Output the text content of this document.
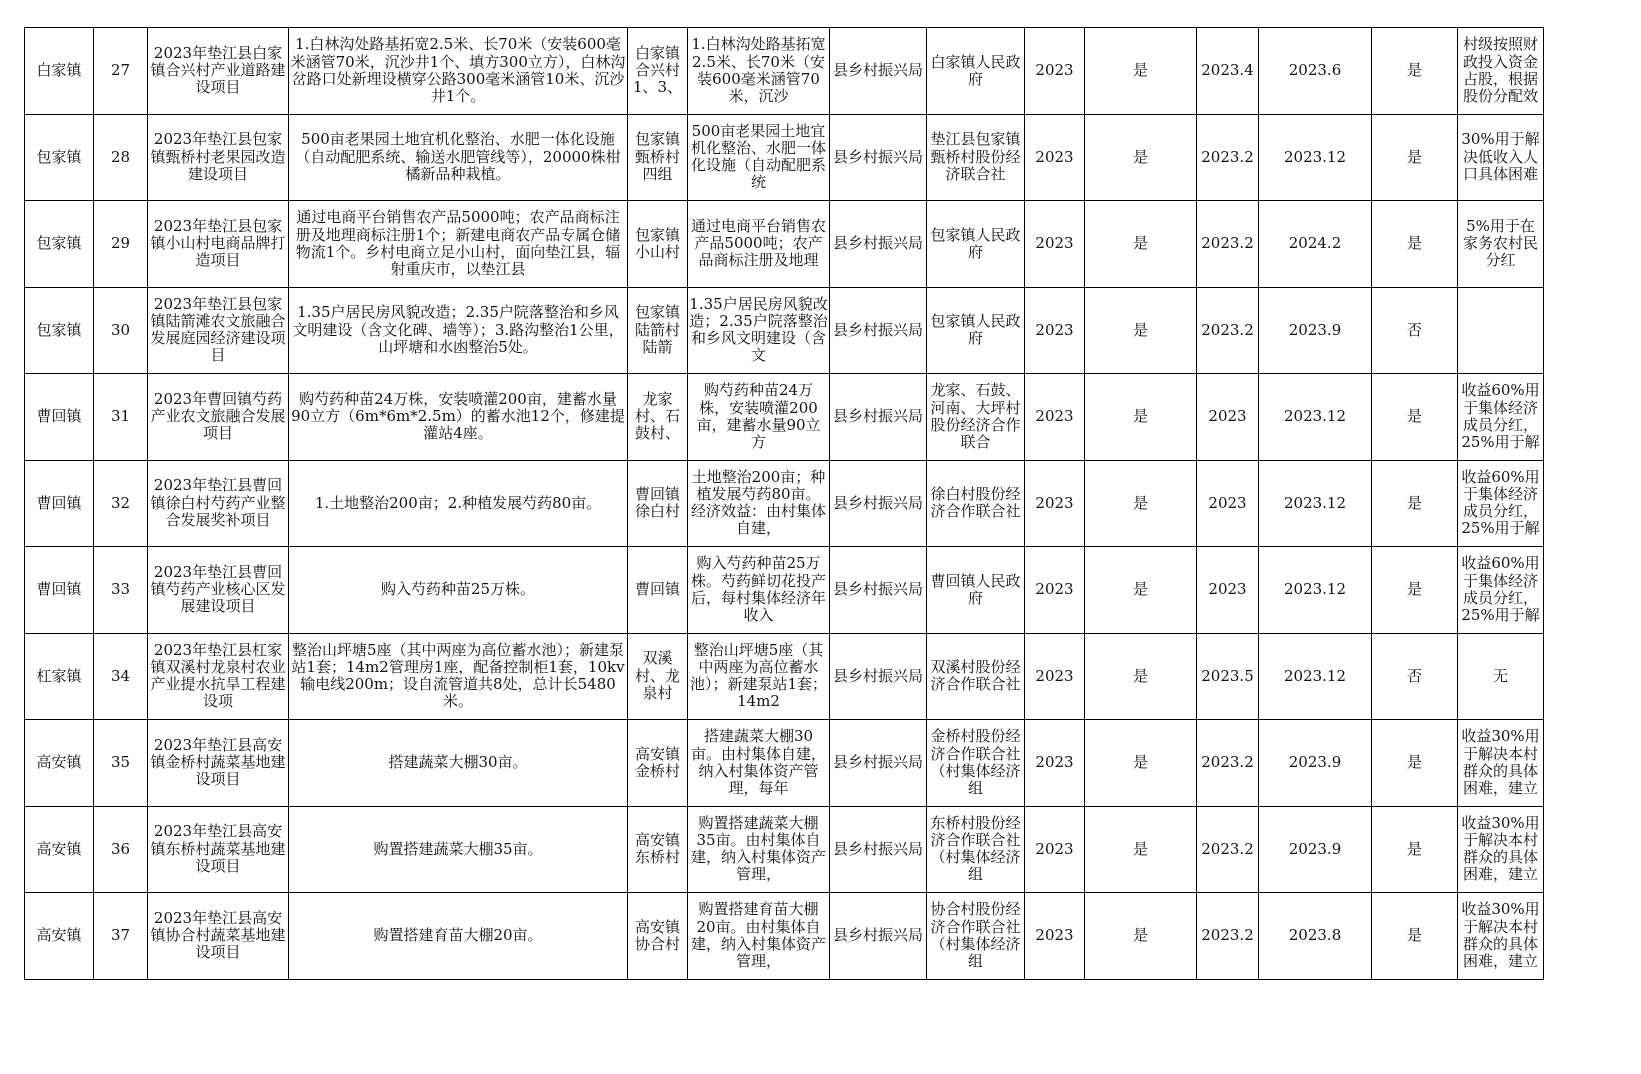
白家镇	27	2023年垫江县白家镇合兴村产业道路建设项目	1.白林沟处路基拓宽2.5米、长70米（安装600毫米涵管70米，沉沙井1个、填方300立方），白林沟岔路口处新埋设横穿公路300毫米涵管10米、沉沙井1个。	白家镇合兴村1、3、	1.白林沟处路基拓宽2.5米、长70米（安装600毫米涵管70米，沉沙	县乡村振兴局	白家镇人民政府	2023	是	2023.4	2023.6	是	村级按照财政投入资金占股，根据股份分配效

包家镇	28	2023年垫江县包家镇甄桥村老果园改造建设项目	500亩老果园土地宜机化整治、水肥一体化设施（自动配肥系统、输送水肥管线等），20000株柑橘新品种栽植。	包家镇甄桥村四组	500亩老果园土地宜机化整治、水肥一体化设施（自动配肥系统	县乡村振兴局	垫江县包家镇甄桥村股份经济联合社	2023	是	2023.2	2023.12	是	30%用于解决低收入人口具体困难

包家镇	29	2023年垫江县包家镇小山村电商品牌打造项目	通过电商平台销售农产品5000吨；农产品商标注册及地理商标注册1个；新建电商农产品专属仓储物流1个。乡村电商立足小山村，面向垫江县，辐射重庆市，以垫江县	包家镇小山村	通过电商平台销售农产品5000吨；农产品商标注册及地理	县乡村振兴局	包家镇人民政府	2023	是	2023.2	2024.2	是	5%用于在家务农村民分红

包家镇	30	2023年垫江县包家镇陆箭滩农文旅融合发展庭园经济建设项目	1.35户居民房风貌改造；2.35户院落整治和乡风文明建设（含文化碑、墙等）；3.路沟整治1公里，山坪塘和水凼整治5处。	包家镇陆箭村陆箭	1.35户居民房风貌改造；2.35户院落整治和乡风文明建设（含文	县乡村振兴局	包家镇人民政府	2023	是	2023.2	2023.9	否	

曹回镇	31	2023年曹回镇芍药产业农文旅融合发展项目	购芍药种苗24万株，安装喷灌200亩，建蓄水量90立方（6m*6m*2.5m）的蓄水池12个，修建提灌站4座。	龙家村、石鼓村、	购芍药种苗24万株，安装喷灌200亩，建蓄水量90立方	县乡村振兴局	龙家、石鼓、河南、大坪村股份经济合作联合	2023	是	2023	2023.12	是	收益60%用于集体经济成员分红，25%用于解

曹回镇	32	2023年垫江县曹回镇徐白村芍药产业整合发展奖补项目	1.土地整治200亩；2.种植发展芍药80亩。	曹回镇徐白村	土地整治200亩；种植发展芍药80亩。经济效益：由村集体自建，	县乡村振兴局	徐白村股份经济合作联合社	2023	是	2023	2023.12	是	收益60%用于集体经济成员分红，25%用于解

曹回镇	33	2023年垫江县曹回镇芍药产业核心区发展建设项目	购入芍药种苗25万株。	曹回镇	购入芍药种苗25万株。芍药鲜切花投产后，每村集体经济年收入	县乡村振兴局	曹回镇人民政府	2023	是	2023	2023.12	是	收益60%用于集体经济成员分红，25%用于解

杠家镇	34	2023年垫江县杠家镇双溪村龙泉村农业产业提水抗旱工程建设项	整治山坪塘5座（其中两座为高位蓄水池）；新建泵站1套；14m2管理房1座，配备控制柜1套，10kv输电线200m；设自流管道共8处，总计长5480米。	双溪村、龙泉村	整治山坪塘5座（其中两座为高位蓄水池）；新建泵站1套；14m2	县乡村振兴局	双溪村股份经济合作联合社	2023	是	2023.5	2023.12	否	无

高安镇	35	2023年垫江县高安镇金桥村蔬菜基地建设项目	搭建蔬菜大棚30亩。	高安镇金桥村	搭建蔬菜大棚30亩。由村集体自建，纳入村集体资产管理，每年	县乡村振兴局	金桥村股份经济合作联合社（村集体经济组	2023	是	2023.2	2023.9	是	收益30%用于解决本村群众的具体困难，建立

高安镇	36	2023年垫江县高安镇东桥村蔬菜基地建设项目	购置搭建蔬菜大棚35亩。	高安镇东桥村	购置搭建蔬菜大棚35亩。由村集体自建，纳入村集体资产管理，	县乡村振兴局	东桥村股份经济合作联合社（村集体经济组	2023	是	2023.2	2023.9	是	收益30%用于解决本村群众的具体困难，建立

高安镇	37	2023年垫江县高安镇协合村蔬菜基地建设项目	购置搭建育苗大棚20亩。	高安镇协合村	购置搭建育苗大棚20亩。由村集体自建，纳入村集体资产管理，	县乡村振兴局	协合村股份经济合作联合社（村集体经济组	2023	是	2023.2	2023.8	是	收益30%用于解决本村群众的具体困难，建立
